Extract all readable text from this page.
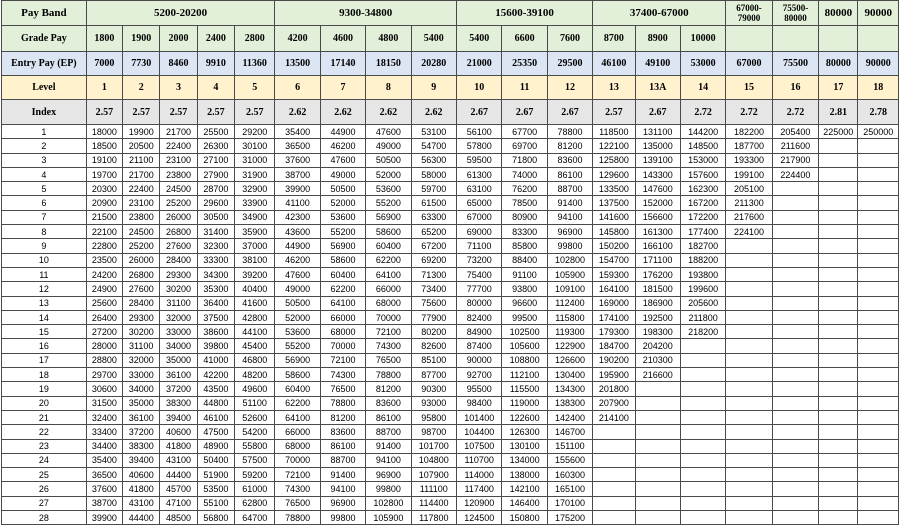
Pay Band	5200-20200					9300-34800				15600-39100			37400-67000			67000-79000	75500-80000	80000	90000
Grade Pay	1800	1900	2000	2400	2800	4200	4600	4800	5400	5400	6600	7600	8700	8900	10000				
Entry Pay (EP)	7000	7730	8460	9910	11360	13500	17140	18150	20280	21000	25350	29500	46100	49100	53000	67000	75500	80000	90000
Level	1	2	3	4	5	6	7	8	9	10	11	12	13	13A	14	15	16	17	18
Index	2.57	2.57	2.57	2.57	2.57	2.62	2.62	2.62	2.62	2.67	2.67	2.67	2.57	2.67	2.72	2.72	2.72	2.81	2.78
1	18000	19900	21700	25500	29200	35400	44900	47600	53100	56100	67700	78800	118500	131100	144200	182200	205400	225000	250000
2	18500	20500	22400	26300	30100	36500	46200	49000	54700	57800	69700	81200	122100	135000	148500	187700	211600		
3	19100	21100	23100	27100	31000	37600	47600	50500	56300	59500	71800	83600	125800	139100	153000	193300	217900		
4	19700	21700	23800	27900	31900	38700	49000	52000	58000	61300	74000	86100	129600	143300	157600	199100	224400		
5	20300	22400	24500	28700	32900	39900	50500	53600	59700	63100	76200	88700	133500	147600	162300	205100			
6	20900	23100	25200	29600	33900	41100	52000	55200	61500	65000	78500	91400	137500	152000	167200	211300			
7	21500	23800	26000	30500	34900	42300	53600	56900	63300	67000	80900	94100	141600	156600	172200	217600			
8	22100	24500	26800	31400	35900	43600	55200	58600	65200	69000	83300	96900	145800	161300	177400	224100			
9	22800	25200	27600	32300	37000	44900	56900	60400	67200	71100	85800	99800	150200	166100	182700				
10	23500	26000	28400	33300	38100	46200	58600	62200	69200	73200	88400	102800	154700	171100	188200				
11	24200	26800	29300	34300	39200	47600	60400	64100	71300	75400	91100	105900	159300	176200	193800				
12	24900	27600	30200	35300	40400	49000	62200	66000	73400	77700	93800	109100	164100	181500	199600				
13	25600	28400	31100	36400	41600	50500	64100	68000	75600	80000	96600	112400	169000	186900	205600				
14	26400	29300	32000	37500	42800	52000	66000	70000	77900	82400	99500	115800	174100	192500	211800				
15	27200	30200	33000	38600	44100	53600	68000	72100	80200	84900	102500	119300	179300	198300	218200				
16	28000	31100	34000	39800	45400	55200	70000	74300	82600	87400	105600	122900	184700	204200					
17	28800	32000	35000	41000	46800	56900	72100	76500	85100	90000	108800	126600	190200	210300					
18	29700	33000	36100	42200	48200	58600	74300	78800	87700	92700	112100	130400	195900	216600					
19	30600	34000	37200	43500	49600	60400	76500	81200	90300	95500	115500	134300	201800						
20	31500	35000	38300	44800	51100	62200	78800	83600	93000	98400	119000	138300	207900						
21	32400	36100	39400	46100	52600	64100	81200	86100	95800	101400	122600	142400	214100						
22	33400	37200	40600	47500	54200	66000	83600	88700	98700	104400	126300	146700							
23	34400	38300	41800	48900	55800	68000	86100	91400	101700	107500	130100	151100							
24	35400	39400	43100	50400	57500	70000	88700	94100	104800	110700	134000	155600							
25	36500	40600	44400	51900	59200	72100	91400	96900	107900	114000	138000	160300							
26	37600	41800	45700	53500	61000	74300	94100	99800	111100	117400	142100	165100							
27	38700	43100	47100	55100	62800	76500	96900	102800	114400	120900	146400	170100							
28	39900	44400	48500	56800	64700	78800	99800	105900	117800	124500	150800	175200							
